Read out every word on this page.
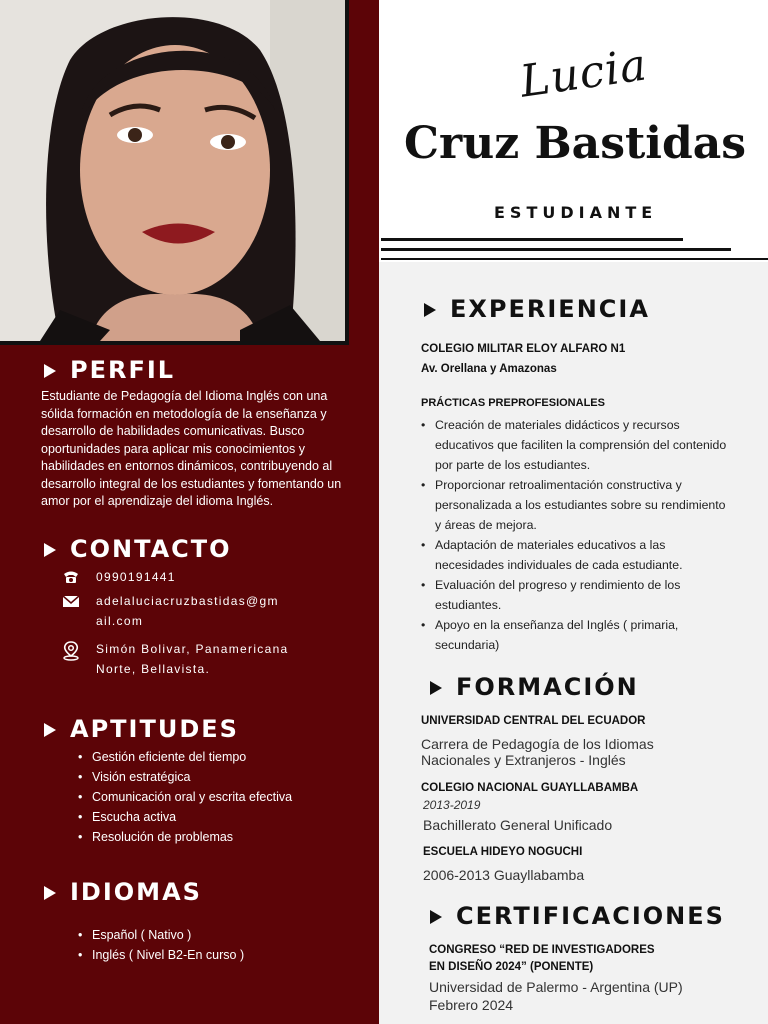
PERFIL
Estudiante de Pedagogía del Idioma Inglés con una sólida formación en metodología de la enseñanza y desarrollo de habilidades comunicativas. Busco oportunidades para aplicar mis conocimientos y habilidades en entornos dinámicos, contribuyendo al desarrollo integral de los estudiantes y fomentando un amor por el aprendizaje del idioma Inglés.
CONTACTO
0990191441
adelaluciacruzbastidas@gm
ail.com
Simón Bolivar, Panamericana
Norte, Bellavista.
APTITUDES
• Gestión eficiente del tiempo
• Visión estratégica
• Comunicación oral y escrita efectiva
• Escucha activa
• Resolución de problemas
IDIOMAS
• Español ( Nativo )
• Inglés ( Nivel B2-En curso )
Lucia
Cruz Bastidas
ESTUDIANTE
EXPERIENCIA
COLEGIO MILITAR ELOY ALFARO N1
Av. Orellana y Amazonas
PRÁCTICAS PREPROFESIONALES
• Creación de materiales didácticos y recursos educativos que faciliten la comprensión del contenido por parte de los estudiantes.
• Proporcionar retroalimentación constructiva y personalizada a los estudiantes sobre su rendimiento y áreas de mejora.
• Adaptación de materiales educativos a las necesidades individuales de cada estudiante.
• Evaluación del progreso y rendimiento de los estudiantes.
• Apoyo en la enseñanza del Inglés ( primaria, secundaria)
FORMACIÓN
UNIVERSIDAD CENTRAL DEL ECUADOR
Carrera de Pedagogía de los Idiomas
Nacionales y Extranjeros - Inglés
COLEGIO NACIONAL GUAYLLABAMBA
2013-2019
Bachillerato General Unificado
ESCUELA HIDEYO NOGUCHI
2006-2013 Guayllabamba
CERTIFICACIONES
CONGRESO “RED DE INVESTIGADORES
EN DISEÑO 2024” (PONENTE)
Universidad de Palermo - Argentina (UP)
Febrero 2024
